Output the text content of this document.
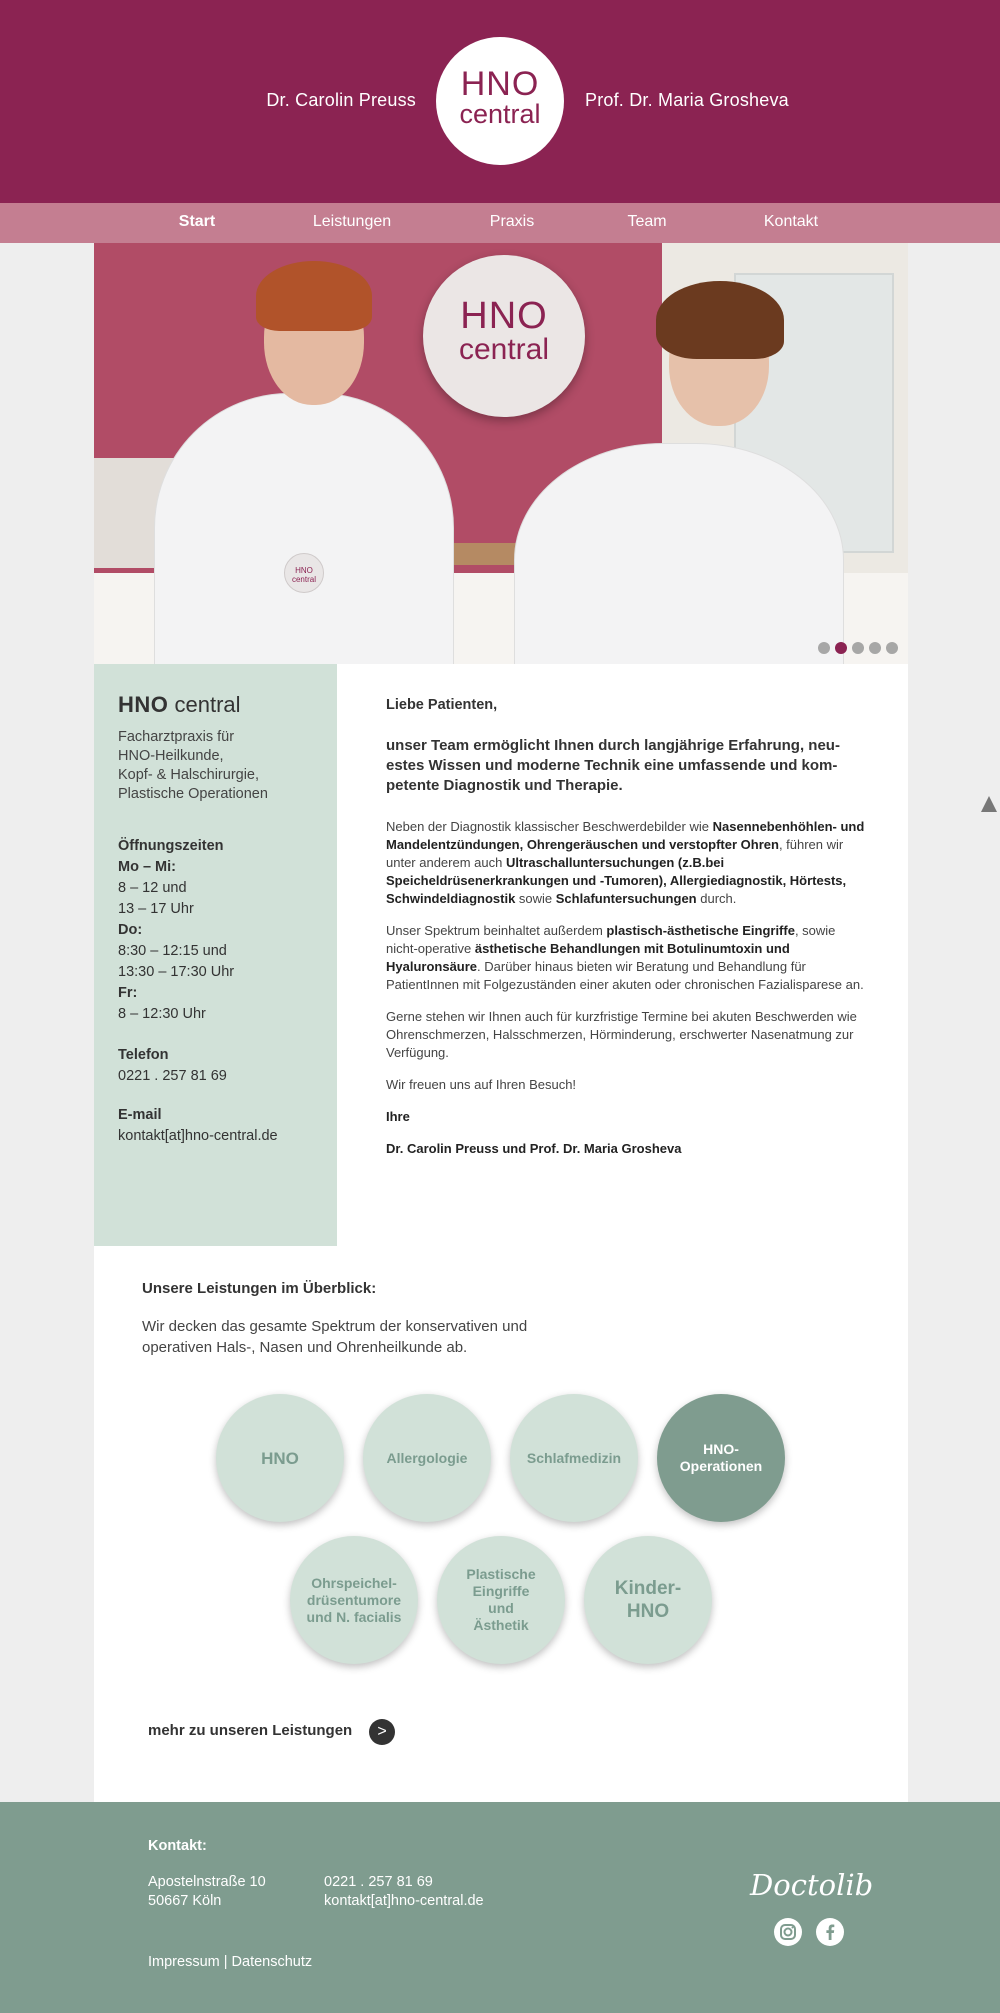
Dr. Carolin Preuss	HNO
central	Prof. Dr. Maria Grosheva
Start	Leistungen	Praxis	Team	Kontakt
HNO
central
HNO central
HNO central
Facharztpraxis für
HNO-Heilkunde,
Kopf- & Halschirurgie,
Plastische Operationen
Öffnungszeiten
Mo – Mi:

8 – 12 und

13 – 17 Uhr

Do:

8:30 – 12:15 und

13:30 – 17:30 Uhr

Fr:

8 – 12:30 Uhr

Telefon

0221 . 257 81 69

E-mail

kontakt[at]hno-central.de

Liebe Patienten,

unser Team ermöglicht Ihnen durch langjährige Erfahrung, neuestes Wissen und moderne Technik eine umfassende und kompetente Diagnostik und Therapie.

Neben der Diagnostik klassischer Beschwerdebilder wie Nasennebenhöhlen- und Mandelentzündungen, Ohrengeräuschen und verstopfter Ohren, führen wir unter anderem auch Ultraschalluntersuchungen (z.B.bei Speicheldrüsenerkrankungen und -Tumoren), Allergiediagnostik, Hörtests, Schwindeldiagnostik sowie Schlafuntersuchungen durch.

Unser Spektrum beinhaltet außerdem plastisch-ästhetische Eingriffe, sowie nicht-operative ästhetische Behandlungen mit Botulinumtoxin und Hyaluronsäure. Darüber hinaus bieten wir Beratung und Behandlung für PatientInnen mit Folgezuständen einer akuten oder chronischen Fazialisparese an.

Gerne stehen wir Ihnen auch für kurzfristige Termine bei akuten Beschwerden wie Ohrenschmerzen, Halsschmerzen, Hörminderung, erschwerter Nasenatmung zur Verfügung.

Wir freuen uns auf Ihren Besuch!

Ihre

Dr. Carolin Preuss und Prof. Dr. Maria Grosheva

Unsere Leistungen im Überblick:

Wir decken das gesamte Spektrum der konservativen und operativen Hals-, Nasen und Ohrenheilkunde ab.

HNO	Allergologie	Schlafmedizin
HNO-
Operationen
Ohrspeichel-
drüsentumore
und N. facialis
Plastische
Eingriffe
und
Ästhetik
Kinder-
HNO
mehr zu unseren Leistungen	>
Kontakt:
Apostelnstraße 10
50667 Köln
0221 . 257 81 69
kontakt[at]hno-central.de
Impressum | Datenschutz
Doctolib
